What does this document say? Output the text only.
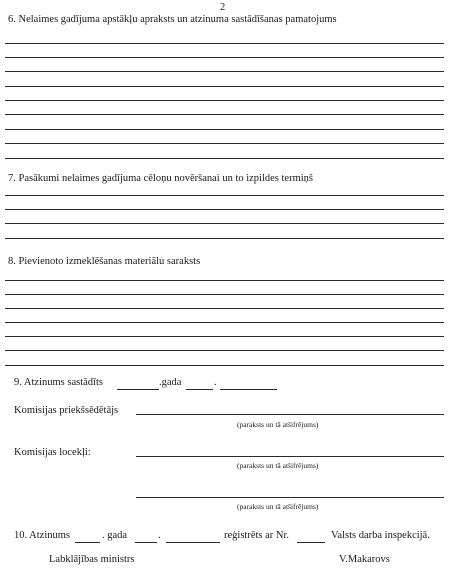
2
6. Nelaimes gadījuma apstākļu apraksts un atzinuma sastādīšanas pamatojums
7. Pasākumi nelaimes gadījuma cēloņu novēršanai un to izpildes termiņš
8. Pievienoto izmeklēšanas materiālu saraksts
9. Atzinums sastādīts	.gada	.
Komisijas priekšsēdētājs
(paraksts un tā atšifrējums)
Komisijas locekļi:
(paraksts un tā atšifrējums)
(paraksts un tā atšifrējums)
10. Atzinums	. gada	.	reģistrēts ar Nr.	Valsts darba inspekcijā.
Labklājības ministrs	V.Makarovs
